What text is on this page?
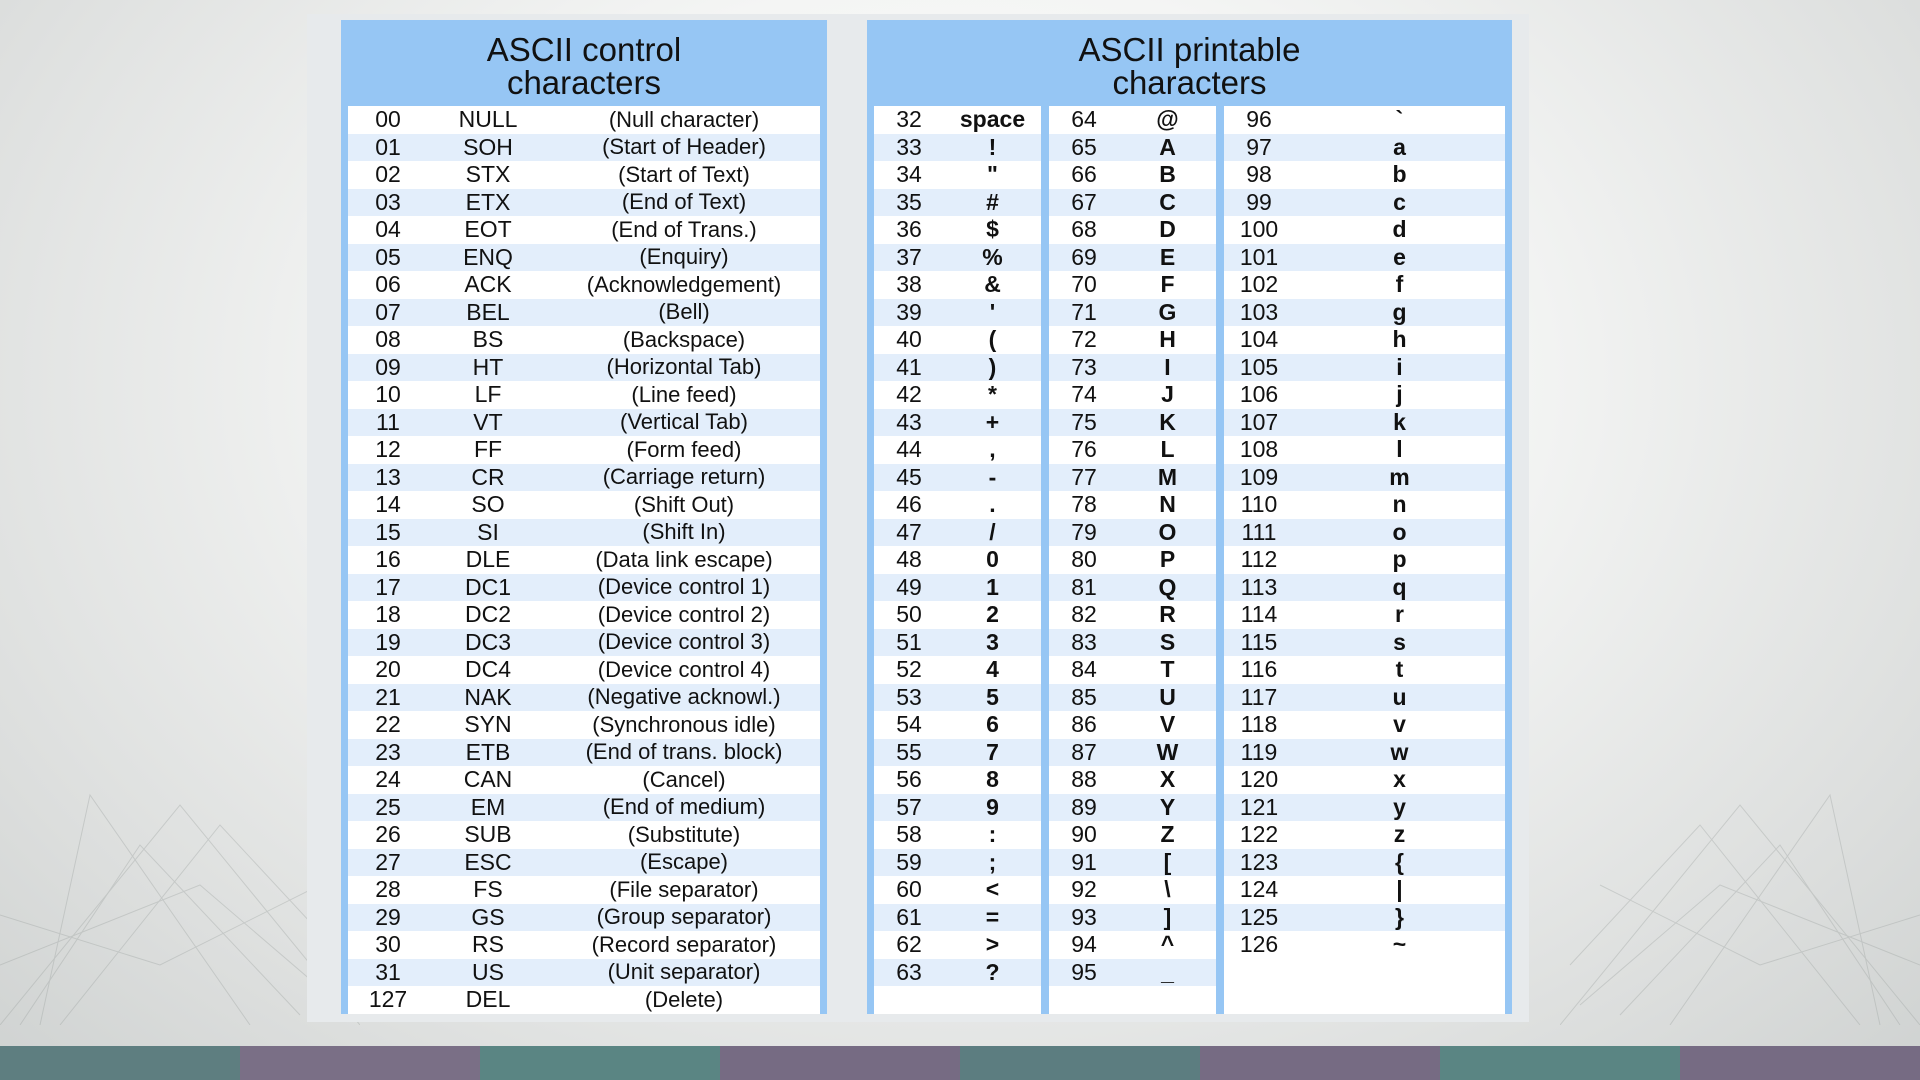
ASCII control
characters
00	NULL	(Null character)
01	SOH	(Start of Header)
02	STX	(Start of Text)
03	ETX	(End of Text)
04	EOT	(End of Trans.)
05	ENQ	(Enquiry)
06	ACK	(Acknowledgement)
07	BEL	(Bell)
08	BS	(Backspace)
09	HT	(Horizontal Tab)
10	LF	(Line feed)
11	VT	(Vertical Tab)
12	FF	(Form feed)
13	CR	(Carriage return)
14	SO	(Shift Out)
15	SI	(Shift In)
16	DLE	(Data link escape)
17	DC1	(Device control 1)
18	DC2	(Device control 2)
19	DC3	(Device control 3)
20	DC4	(Device control 4)
21	NAK	(Negative acknowl.)
22	SYN	(Synchronous idle)
23	ETB	(End of trans. block)
24	CAN	(Cancel)
25	EM	(End of medium)
26	SUB	(Substitute)
27	ESC	(Escape)
28	FS	(File separator)
29	GS	(Group separator)
30	RS	(Record separator)
31	US	(Unit separator)
127	DEL	(Delete)
ASCII printable
characters
32	space
33	!
34	"
35	#
36	$
37	%
38	&
39	'
40	(
41	)
42	*
43	+
44	,
45	-
46	.
47	/
48	0
49	1
50	2
51	3
52	4
53	5
54	6
55	7
56	8
57	9
58	:
59	;
60	<
61	=
62	>
63	?
64	@
65	A
66	B
67	C
68	D
69	E
70	F
71	G
72	H
73	I
74	J
75	K
76	L
77	M
78	N
79	O
80	P
81	Q
82	R
83	S
84	T
85	U
86	V
87	W
88	X
89	Y
90	Z
91	[
92	\
93	]
94	^
95	_
96	`
97	a
98	b
99	c
100	d
101	e
102	f
103	g
104	h
105	i
106	j
107	k
108	l
109	m
110	n
111	o
112	p
113	q
114	r
115	s
116	t
117	u
118	v
119	w
120	x
121	y
122	z
123	{
124	|
125	}
126	~
